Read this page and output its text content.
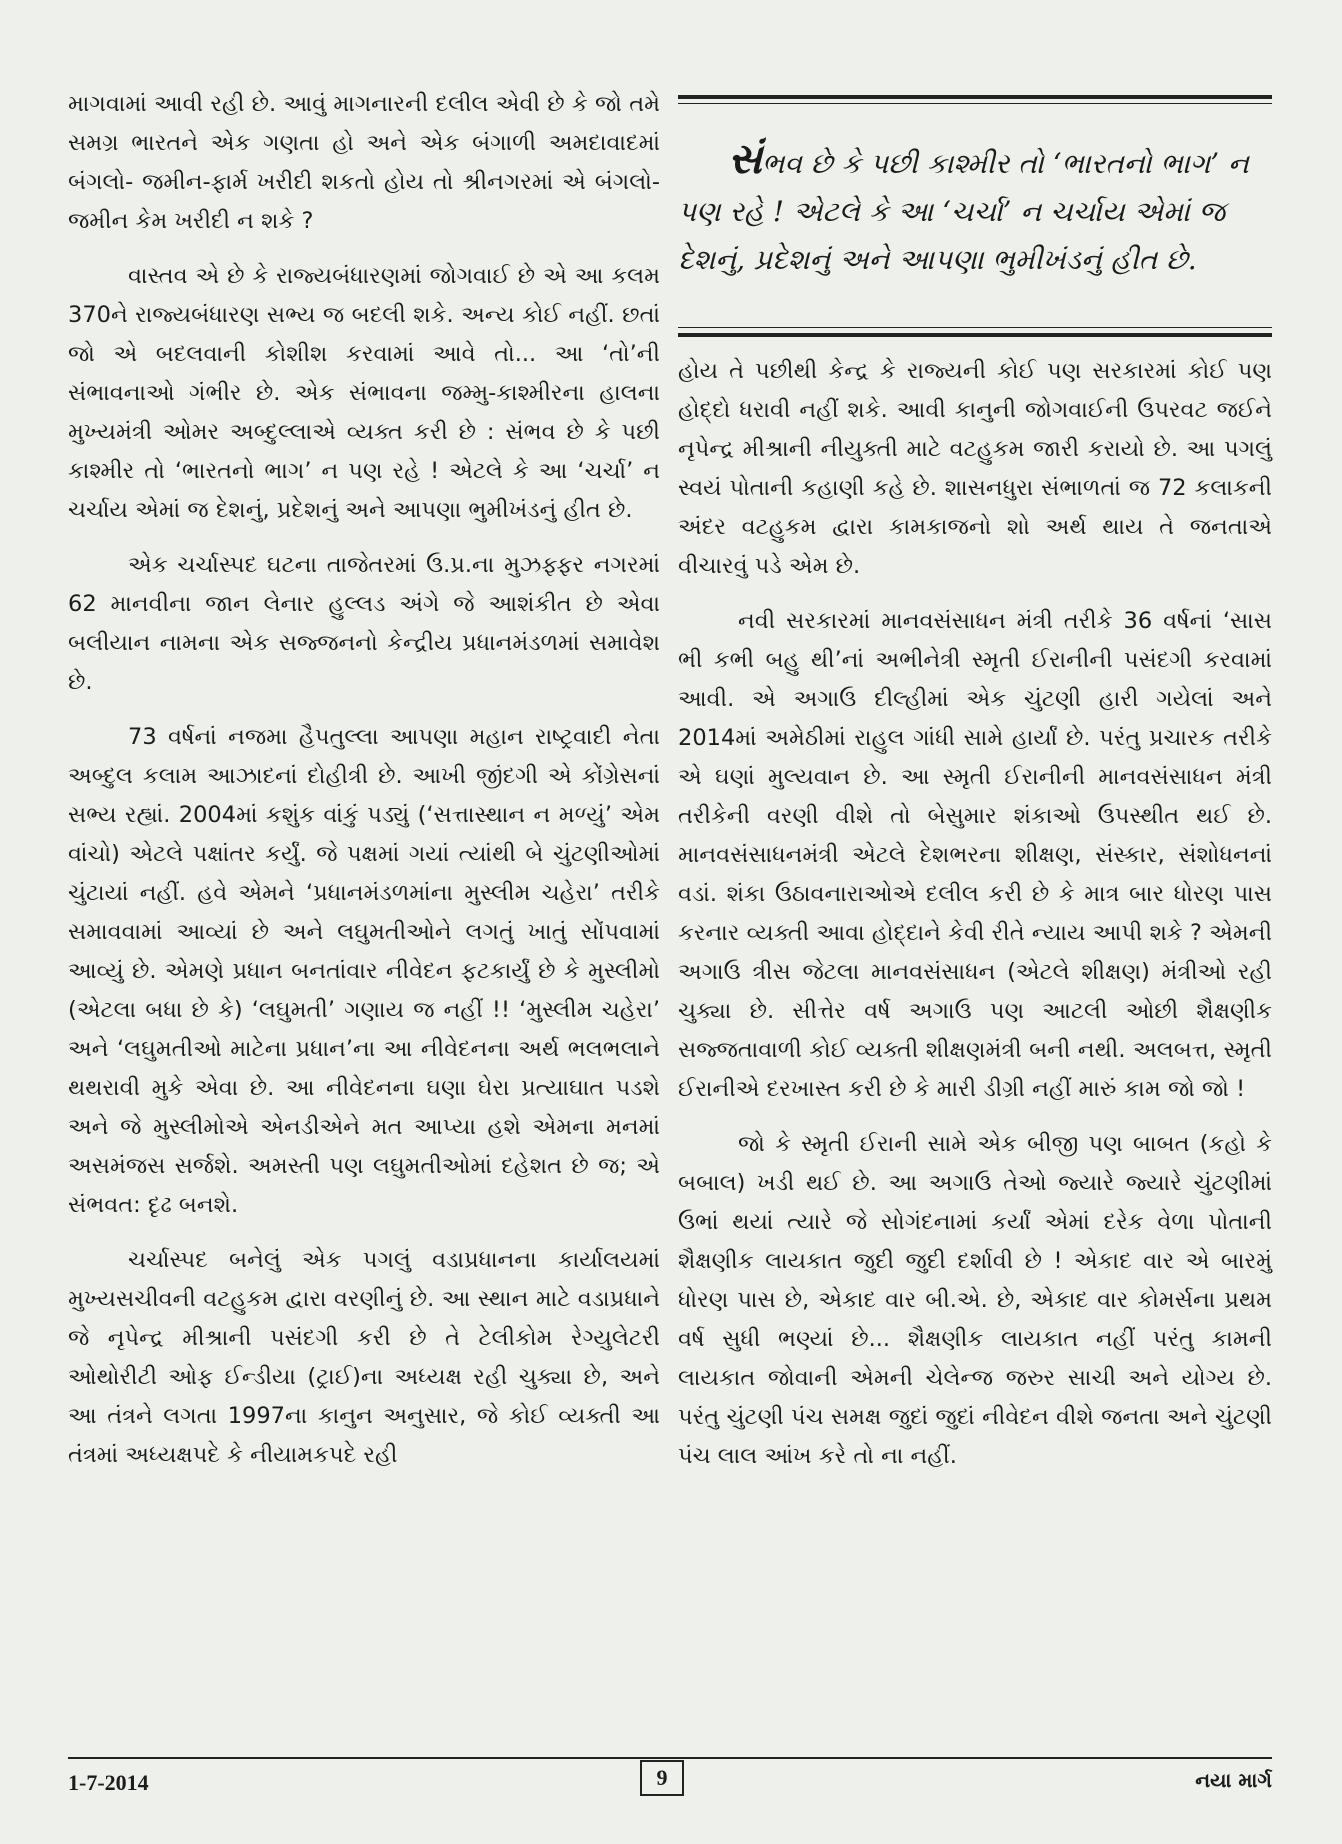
માગવામાં આવી રહી છે. આવું માગનારની દલીલ એવી છે કે જો તમે સમગ્ર ભારતને એક ગણતા હો અને એક બંગાળી અમદાવાદમાં બંગલો- જમીન-ફાર્મ ખરીદી શકતો હોય તો શ્રીનગરમાં એ બંગલો- જમીન કેમ ખરીદી ન શકે ?

વાસ્તવ એ છે કે રાજ્યબંધારણમાં જોગવાઈ છે એ આ કલમ 370ને રાજ્યબંધારણ સભ્ય જ બદલી શકે. અન્ય કોઈ નહીં. છતાં જો એ બદલવાની કોશીશ કરવામાં આવે તો... આ ‘તો’ની સંભાવનાઓ ગંભીર છે. એક સંભાવના જમ્મુ-કાશ્મીરના હાલના મુખ્યમંત્રી ઓમર અબ્દુલ્લાએ વ્યક્ત કરી છે : સંભવ છે કે પછી કાશ્મીર તો ‘ભારતનો ભાગ’ ન પણ રહે ! એટલે કે આ ‘ચર્ચા’ ન ચર્ચાય એમાં જ દેશનું, પ્રદેશનું અને આપણા ભુમીખંડનું હીત છે.

એક ચર્ચાસ્પદ ઘટના તાજેતરમાં ઉ.પ્ર.ના મુઝફ્ફર નગરમાં 62 માનવીના જાન લેનાર હુલ્લડ અંગે જે આશંકીત છે એવા બલીયાન નામના એક સજ્જનનો કેન્દ્રીય પ્રધાનમંડળમાં સમાવેશ છે.

73 વર્ષનાં નજમા હૈપતુલ્લા આપણા મહાન રાષ્ટ્રવાદી નેતા અબ્દુલ કલામ આઝાદનાં દોહીત્રી છે. આખી જીંદગી એ કોંગ્રેસનાં સભ્ય રહ્યાં. 2004માં કશુંક વાંકું પડ્યું (‘સત્તાસ્થાન ન મળ્યું’ એમ વાંચો) એટલે પક્ષાંતર કર્યું. જે પક્ષમાં ગયાં ત્યાંથી બે ચુંટણીઓમાં ચુંટાયાં નહીં. હવે એમને ‘પ્રધાનમંડળમાંના મુસ્લીમ ચહેરા’ તરીકે સમાવવામાં આવ્યાં છે અને લઘુમતીઓને લગતું ખાતું સોંપવામાં આવ્યું છે. એમણે પ્રધાન બનતાંવાર નીવેદન ફટકાર્યું છે કે મુસ્લીમો (એટલા બધા છે કે) ‘લઘુમતી’ ગણાય જ નહીં !! ‘મુસ્લીમ ચહેરા’ અને ‘લઘુમતીઓ માટેના પ્રધાન’ના આ નીવેદનના અર્થ ભલભલાને થથરાવી મુકે એવા છે. આ નીવેદનના ઘણા ઘેરા પ્રત્યાઘાત પડશે અને જે મુસ્લીમોએ એનડીએને મત આપ્યા હશે એમના મનમાં અસમંજસ સર્જશે. અમસ્તી પણ લઘુમતીઓમાં દહેશત છે જ; એ સંભવત: દૃઢ બનશે.

ચર્ચાસ્પદ બનેલું એક પગલું વડાપ્રધાનના કાર્યાલયમાં મુખ્યસચીવની વટહુકમ દ્વારા વરણીનું છે. આ સ્થાન માટે વડાપ્રધાને જે નૃપેન્દ્ર મીશ્રાની પસંદગી કરી છે તે ટેલીકોમ રેગ્યુલેટરી ઓથોરીટી ઓફ ઈન્ડીયા (ટ્રાઈ)ના અધ્યક્ષ રહી ચુક્યા છે, અને આ તંત્રને લગતા 1997ના કાનુન અનુસાર, જે કોઈ વ્યક્તી આ તંત્રમાં અધ્યક્ષપદે કે નીયામકપદે રહી

સંભવ છે કે પછી કાશ્મીર તો ‘ભારતનો ભાગ’ ન પણ રહે ! એટલે કે આ ‘ચર્ચા’ ન ચર્ચાય એમાં જ દેશનું, પ્રદેશનું અને આપણા ભુમીખંડનું હીત છે.

હોય તે પછીથી કેન્દ્ર કે રાજ્યની કોઈ પણ સરકારમાં કોઈ પણ હોદ્દો ધરાવી નહીં શકે. આવી કાનુની જોગવાઈની ઉપરવટ જઈને નૃપેન્દ્ર મીશ્રાની નીયુક્તી માટે વટહુકમ જારી કરાયો છે. આ પગલું સ્વયં પોતાની કહાણી કહે છે. શાસનધુરા સંભાળતાં જ 72 કલાકની અંદર વટહુકમ દ્વારા કામકાજનો શો અર્થ થાય તે જનતાએ વીચારવું પડે એમ છે.

નવી સરકારમાં માનવસંસાધન મંત્રી તરીકે 36 વર્ષનાં ‘સાસ ભી કભી બહુ થી’નાં અભીનેત્રી સ્મૃતી ઈરાનીની પસંદગી કરવામાં આવી. એ અગાઉ દીલ્હીમાં એક ચુંટણી હારી ગયેલાં અને 2014માં અમેઠીમાં રાહુલ ગાંધી સામે હાર્યાં છે. પરંતુ પ્રચારક તરીકે એ ઘણાં મુલ્યવાન છે. આ સ્મૃતી ઈરાનીની માનવસંસાધન મંત્રી તરીકેની વરણી વીશે તો બેસુમાર શંકાઓ ઉપસ્થીત થઈ છે. માનવસંસાધનમંત્રી એટલે દેશભરના શીક્ષણ, સંસ્કાર, સંશોધનનાં વડાં. શંકા ઉઠાવનારાઓએ દલીલ કરી છે કે માત્ર બાર ધોરણ પાસ કરનાર વ્યક્તી આવા હોદ્દાને કેવી રીતે ન્યાય આપી શકે ? એમની અગાઉ ત્રીસ જેટલા માનવસંસાધન (એટલે શીક્ષણ) મંત્રીઓ રહી ચુક્યા છે. સીત્તેર વર્ષ અગાઉ પણ આટલી ઓછી શૈક્ષણીક સજ્જતાવાળી કોઈ વ્યક્તી શીક્ષણમંત્રી બની નથી. અલબત્ત, સ્મૃતી ઈરાનીએ દરખાસ્ત કરી છે કે મારી ડીગ્રી નહીં મારું કામ જો જો !

જો કે સ્મૃતી ઈરાની સામે એક બીજી પણ બાબત (કહો કે બબાલ) ખડી થઈ છે. આ અગાઉ તેઓ જ્યારે જ્યારે ચુંટણીમાં ઉભાં થયાં ત્યારે જે સોગંદનામાં કર્યાં એમાં દરેક વેળા પોતાની શૈક્ષણીક લાયકાત જુદી જુદી દર્શાવી છે ! એકાદ વાર એ બારમું ધોરણ પાસ છે, એકાદ વાર બી.એ. છે, એકાદ વાર કોમર્સના પ્રથમ વર્ષ સુધી ભણ્યાં છે... શૈક્ષણીક લાયકાત નહીં પરંતુ કામની લાયકાત જોવાની એમની ચેલેન્જ જરુર સાચી અને યોગ્ય છે. પરંતુ ચુંટણી પંચ સમક્ષ જુદાં જુદાં નીવેદન વીશે જનતા અને ચુંટણી પંચ લાલ આંખ કરે તો ના નહીં.

1-7-2014	9	નયા માર્ગ
